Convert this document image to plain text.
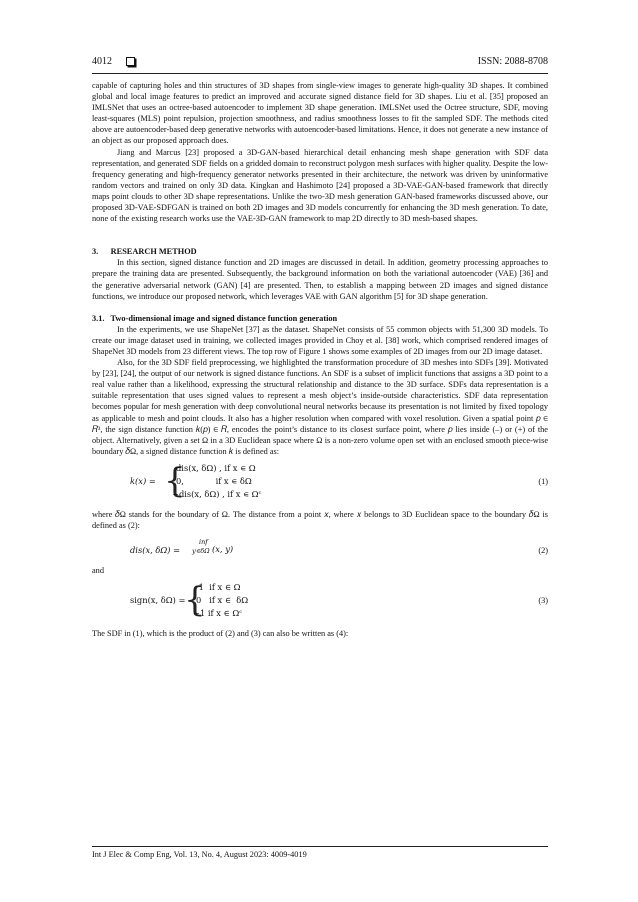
4012	ISSN: 2088-8708

capable of capturing holes and thin structures of 3D shapes from single-view images to generate high-quality 3D shapes. It combined global and local image features to predict an improved and accurate signed distance field for 3D shapes. Liu et al. [35] proposed an IMLSNet that uses an octree-based autoencoder to implement 3D shape generation. IMLSNet used the Octree structure, SDF, moving least-squares (MLS) point repulsion, projection smoothness, and radius smoothness losses to fit the sampled SDF. The methods cited above are autoencoder-based deep generative networks with autoencoder-based limitations. Hence, it does not generate a new instance of an object as our proposed approach does.

Jiang and Marcus [23] proposed a 3D-GAN-based hierarchical detail enhancing mesh shape generation with SDF data representation, and generated SDF fields on a gridded domain to reconstruct polygon mesh surfaces with higher quality. Despite the low-frequency generating and high-frequency generator networks presented in their architecture, the network was driven by uninformative random vectors and trained on only 3D data. Kingkan and Hashimoto [24] proposed a 3D-VAE-GAN-based framework that directly maps point clouds to other 3D shape representations. Unlike the two-3D mesh generation GAN-based frameworks discussed above, our proposed 3D-VAE-SDFGAN is trained on both 2D images and 3D models concurrently for enhancing the 3D mesh generation. To date, none of the existing research works use the VAE-3D-GAN framework to map 2D directly to 3D mesh-based shapes.

3.      RESEARCH METHOD

In this section, signed distance function and 2D images are discussed in detail. In addition, geometry processing approaches to prepare the training data are presented. Subsequently, the background information on both the variational autoencoder (VAE) [36] and the generative adversarial network (GAN) [4] are presented. Then, to establish a mapping between 2D images and signed distance functions, we introduce our proposed network, which leverages VAE with GAN algorithm [5] for 3D shape generation.

3.1.   Two-dimensional image and signed distance function generation

In the experiments, we use ShapeNet [37] as the dataset. ShapeNet consists of 55 common objects with 51,300 3D models. To create our image dataset used in training, we collected images provided in Choy et al. [38] work, which comprised rendered images of ShapeNet 3D models from 23 different views. The top row of Figure 1 shows some examples of 2D images from our 2D image dataset.

Also, for the 3D SDF field preprocessing, we highlighted the transformation procedure of 3D meshes into SDFs [39]. Motivated by [23], [24], the output of our network is signed distance functions. An SDF is a subset of implicit functions that assigns a 3D point to a real value rather than a likelihood, expressing the structural relationship and distance to the 3D surface. SDFs data representation is a suitable representation that uses signed values to represent a mesh object’s inside-outside characteristics. SDF data representation becomes popular for mesh generation with deep convolutional neural networks because its presentation is not limited by fixed topology as applicable to mesh and point clouds. It also has a higher resolution when compared with voxel resolution. Given a spatial point 𝑝 ∈ 𝑅³, the sign distance function 𝑘(𝑝) ∈ 𝑅, encodes the point’s distance to its closest surface point, where 𝑝 lies inside (–) or (+) of the object. Alternatively, given a set Ω in a 3D Euclidean space where Ω is a non-zero volume open set with an enclosed smooth piece-wise boundary 𝛿Ω, a signed distance function 𝑘 is defined as:

k(x) = {
dis(x, δΩ) , if x ∊ Ω
0,            if x ∊ δΩ
−dis(x, δΩ) , if x ∊ Ωᶜ
(1)

where 𝛿Ω stands for the boundary of Ω. The distance from a point 𝑥, where 𝑥 belongs to 3D Euclidean space to the boundary 𝛿Ω is defined as (2):

dis(x, δΩ) =
inf
y∊δΩ (x, y)	(2)

and

sign(x, δΩ) =
{
1  if x ∈ Ω
0   if x ∈  δΩ
−1 if x ∈ Ωᶜ
(3)

The SDF in (1), which is the product of (2) and (3) can also be written as (4):

Int J Elec & Comp Eng, Vol. 13, No. 4, August 2023: 4009-4019
